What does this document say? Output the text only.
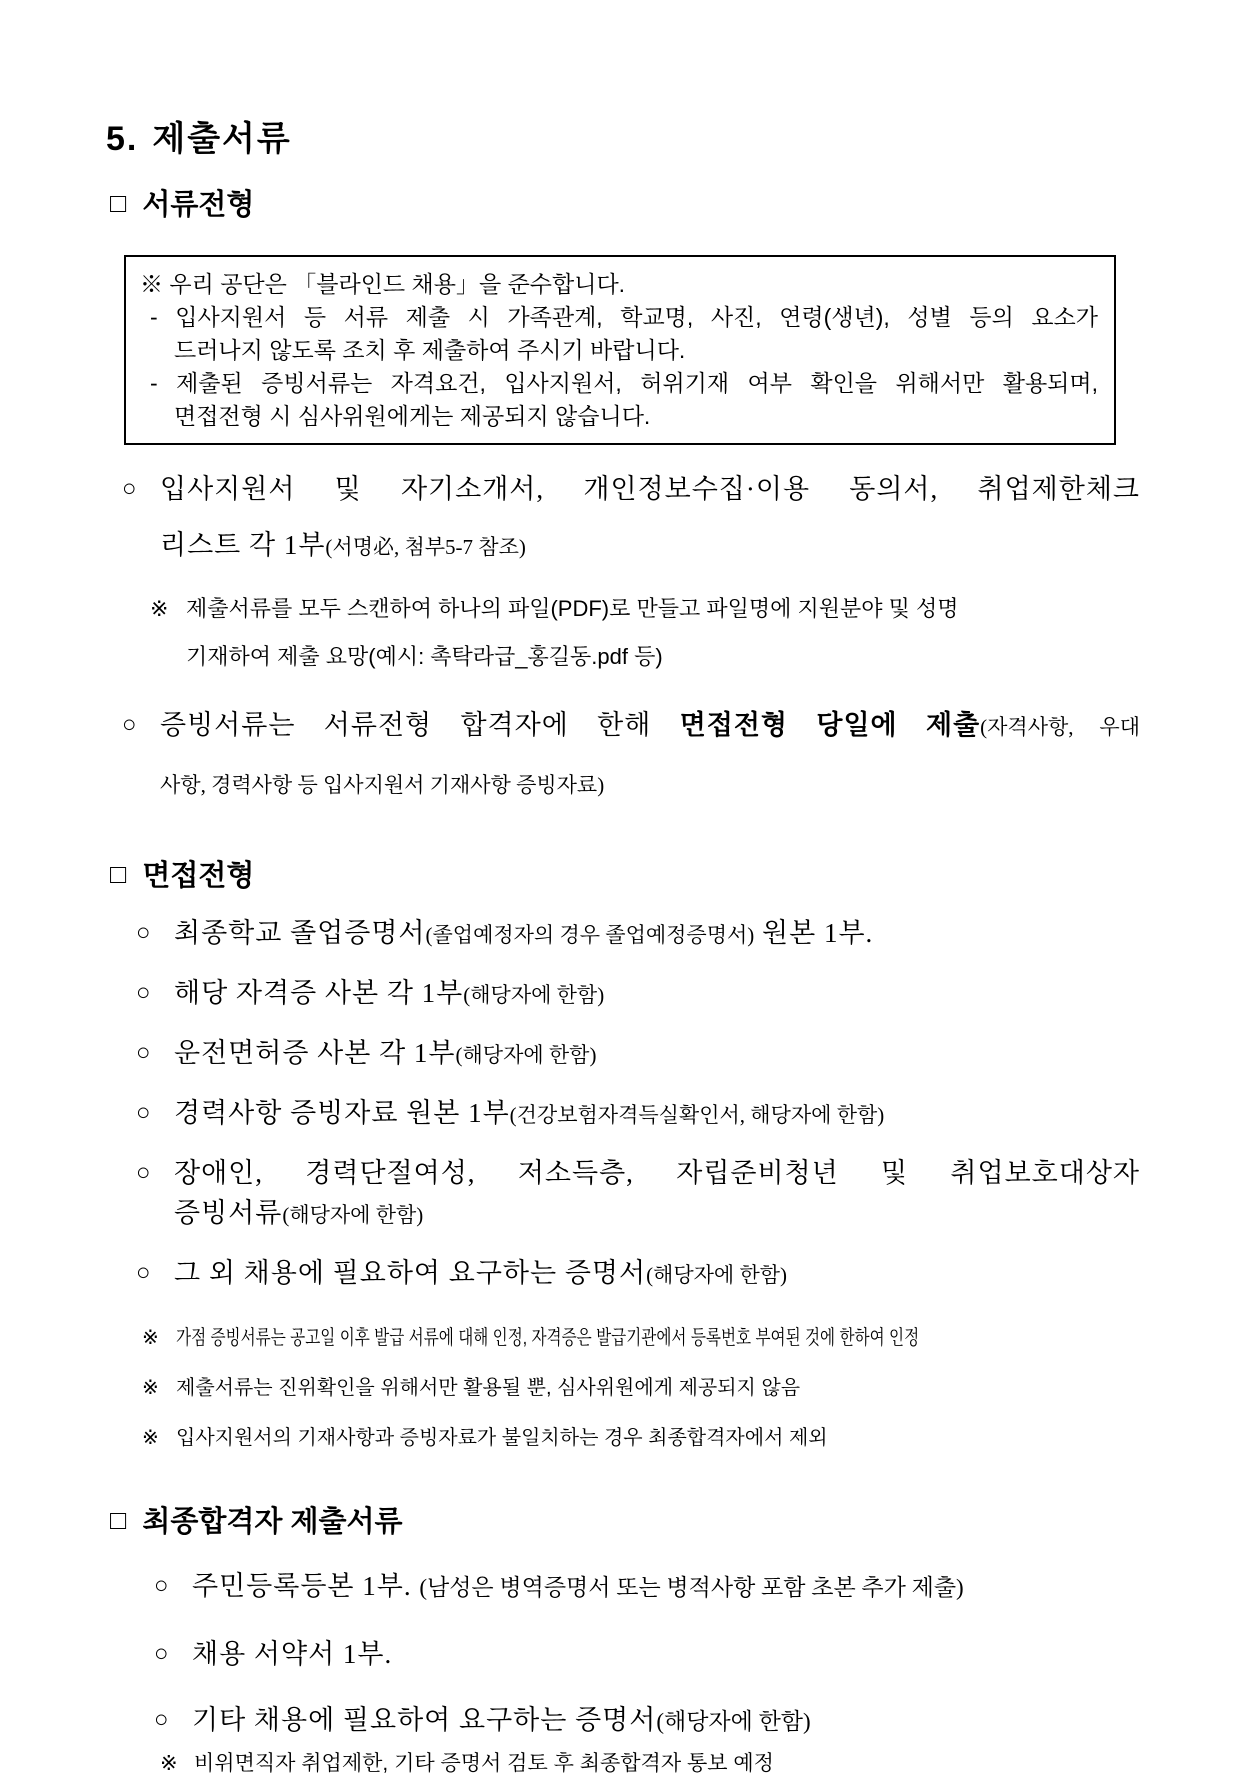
5. 제출서류
□ 서류전형
※ 우리 공단은 「블라인드 채용」을 준수합니다.
- 입사지원서 등 서류 제출 시 가족관계, 학교명, 사진, 연령(생년), 성별 등의 요소가
드러나지 않도록 조치 후 제출하여 주시기 바랍니다.
- 제출된 증빙서류는 자격요건, 입사지원서, 허위기재 여부 확인을 위해서만 활용되며,
면접전형 시 심사위원에게는 제공되지 않습니다.
○ 입사지원서 및 자기소개서, 개인정보수집·이용 동의서, 취업제한체크
리스트 각 1부(서명必, 첨부5-7 참조)
※ 제출서류를 모두 스캔하여 하나의 파일(PDF)로 만들고 파일명에 지원분야 및 성명
기재하여 제출 요망(예시: 촉탁라급_홍길동.pdf 등)
○ 증빙서류는 서류전형 합격자에 한해 면접전형 당일에 제출(자격사항, 우대
사항, 경력사항 등 입사지원서 기재사항 증빙자료)
□ 면접전형
○ 최종학교 졸업증명서(졸업예정자의 경우 졸업예정증명서) 원본 1부.
○ 해당 자격증 사본 각 1부(해당자에 한함)
○ 운전면허증 사본 각 1부(해당자에 한함)
○ 경력사항 증빙자료 원본 1부(건강보험자격득실확인서, 해당자에 한함)
○ 장애인, 경력단절여성, 저소득층, 자립준비청년 및 취업보호대상자
증빙서류(해당자에 한함)
○ 그 외 채용에 필요하여 요구하는 증명서(해당자에 한함)
※ 가점 증빙서류는 공고일 이후 발급 서류에 대해 인정, 자격증은 발급기관에서 등록번호 부여된 것에 한하여 인정
※ 제출서류는 진위확인을 위해서만 활용될 뿐, 심사위원에게 제공되지 않음
※ 입사지원서의 기재사항과 증빙자료가 불일치하는 경우 최종합격자에서 제외
□ 최종합격자 제출서류
○ 주민등록등본 1부. (남성은 병역증명서 또는 병적사항 포함 초본 추가 제출)
○ 채용 서약서 1부.
○ 기타 채용에 필요하여 요구하는 증명서(해당자에 한함)
※ 비위면직자 취업제한, 기타 증명서 검토 후 최종합격자 통보 예정
